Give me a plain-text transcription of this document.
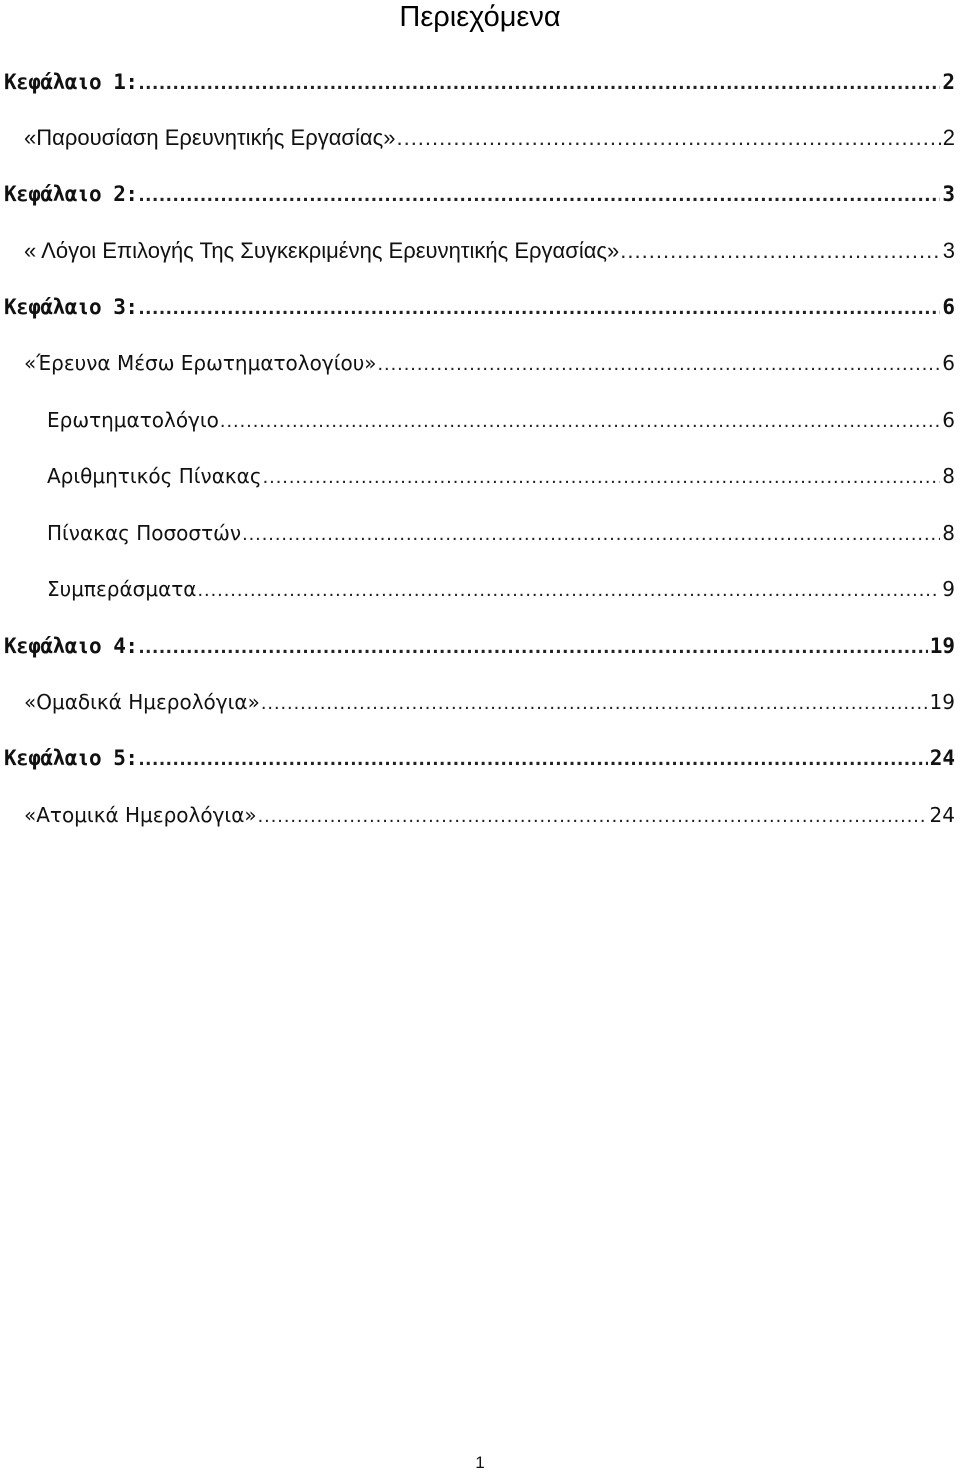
Περιεχόμενα
Κεφάλαιο 1: .....	2
«Παρουσίαση Ερευνητικής Εργασίας» .....	2
Κεφάλαιο 2: .....	3
« Λόγοι Επιλογής Της Συγκεκριμένης Ερευνητικής Εργασίας» .....	3
Κεφάλαιο 3: .....	6
«Έρευνα Μέσω Ερωτηματολογίου» .....	6
Ερωτηματολόγιο .....	6
Αριθμητικός Πίνακας .....	8
Πίνακας Ποσοστών .....	8
Συμπεράσματα .....	9
Κεφάλαιο 4: .....	19
«Ομαδικά Ημερολόγια» .....	19
Κεφάλαιο 5: .....	24
«Ατομικά Ημερολόγια» .....	24
1
